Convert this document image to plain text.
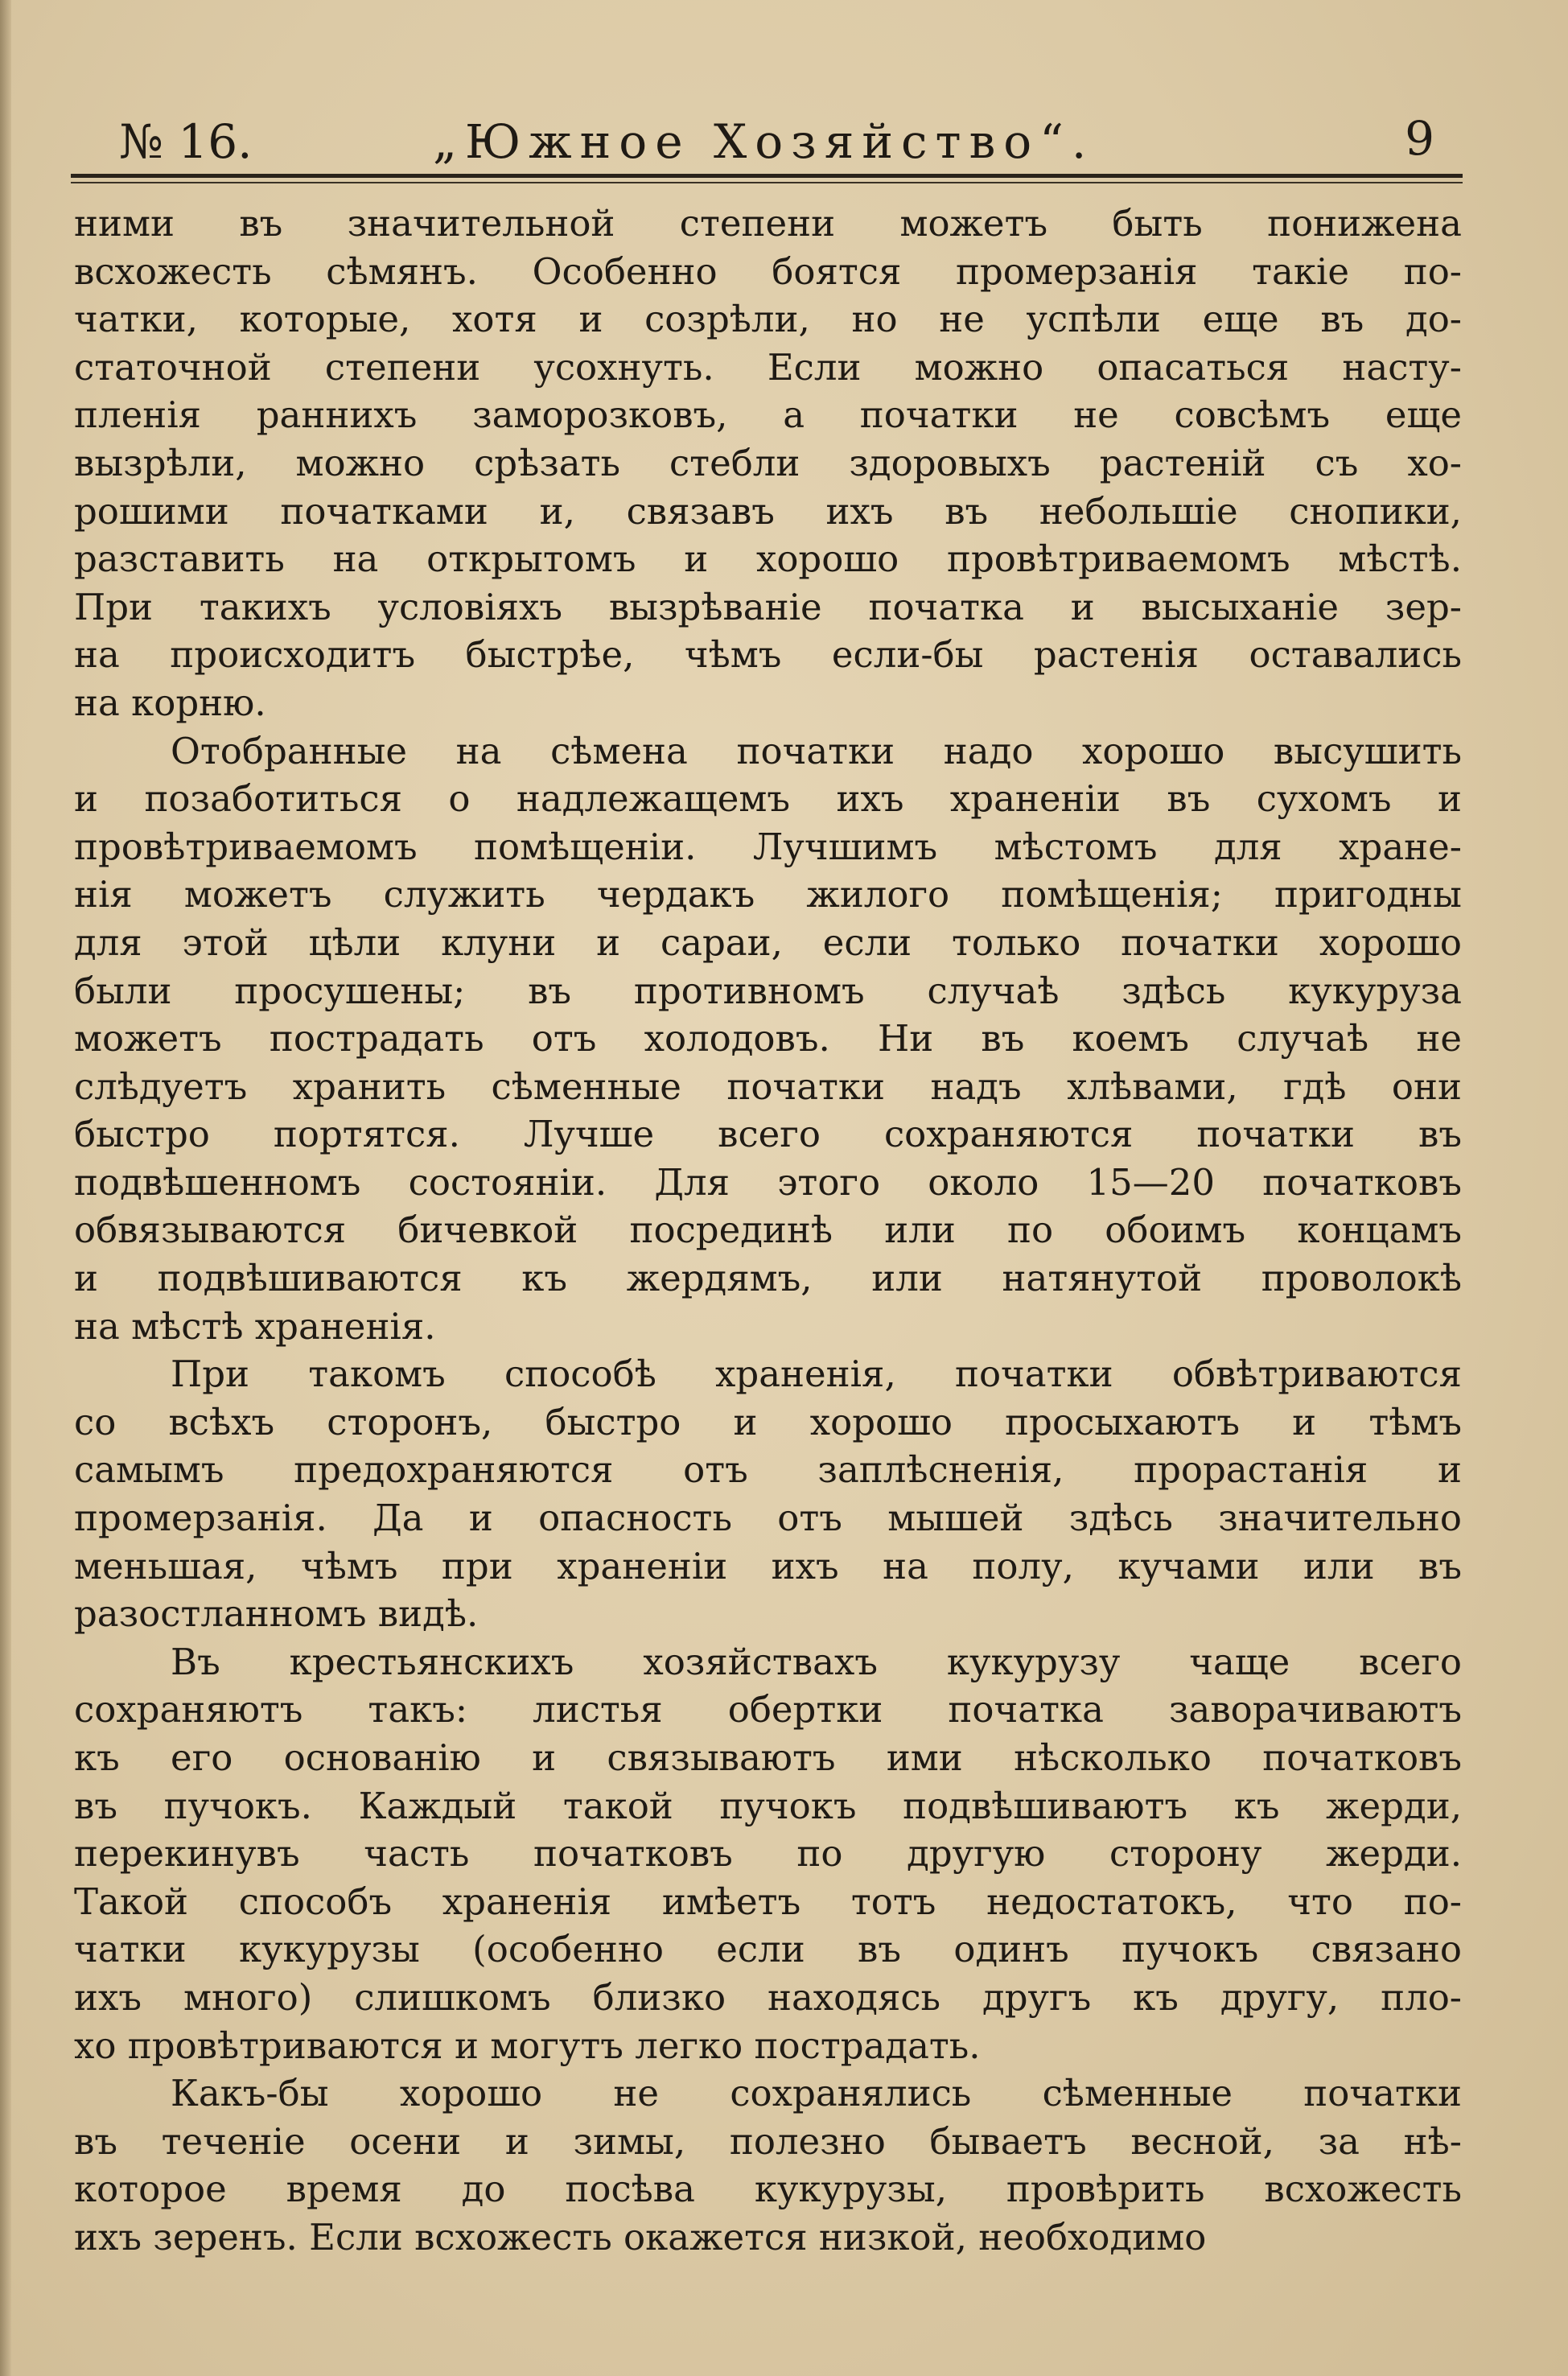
№ 16.	„Южное Хозяйство“.	9
ними въ значительной степени можетъ быть понижена
всхожесть сѣмянъ. Особенно боятся промерзанія такіе по-
чатки, которые, хотя и созрѣли, но не успѣли еще въ до-
статочной степени усохнуть. Если можно опасаться насту-
пленія раннихъ заморозковъ, а початки не совсѣмъ еще
вызрѣли, можно срѣзать стебли здоровыхъ растеній съ хо-
рошими початками и, связавъ ихъ въ небольшіе снопики,
разставить на открытомъ и хорошо провѣтриваемомъ мѣстѣ.
При такихъ условіяхъ вызрѣваніе початка и высыханіе зер-
на происходитъ быстрѣе, чѣмъ если-бы растенія оставались
на корню.
Отобранные на сѣмена початки надо хорошо высушить
и позаботиться о надлежащемъ ихъ храненіи въ сухомъ и
провѣтриваемомъ помѣщеніи. Лучшимъ мѣстомъ для хране-
нія можетъ служить чердакъ жилого помѣщенія; пригодны
для этой цѣли клуни и сараи, если только початки хорошо
были просушены; въ противномъ случаѣ здѣсь кукуруза
можетъ пострадать отъ холодовъ. Ни въ коемъ случаѣ не
слѣдуетъ хранить сѣменные початки надъ хлѣвами, гдѣ они
быстро портятся. Лучше всего сохраняются початки въ
подвѣшенномъ состояніи. Для этого около 15—20 початковъ
обвязываются бичевкой посрединѣ или по обоимъ концамъ
и подвѣшиваются къ жердямъ, или натянутой проволокѣ
на мѣстѣ храненія.
При такомъ способѣ храненія, початки обвѣтриваются
со всѣхъ сторонъ, быстро и хорошо просыхаютъ и тѣмъ
самымъ предохраняются отъ заплѣсненія, прорастанія и
промерзанія. Да и опасность отъ мышей здѣсь значительно
меньшая, чѣмъ при храненіи ихъ на полу, кучами или въ
разостланномъ видѣ.
Въ крестьянскихъ хозяйствахъ кукурузу чаще всего
сохраняютъ такъ: листья обертки початка заворачиваютъ
къ его основанію и связываютъ ими нѣсколько початковъ
въ пучокъ. Каждый такой пучокъ подвѣшиваютъ къ жерди,
перекинувъ часть початковъ по другую сторону жерди.
Такой способъ храненія имѣетъ тотъ недостатокъ, что по-
чатки кукурузы (особенно если въ одинъ пучокъ связано
ихъ много) слишкомъ близко находясь другъ къ другу, пло-
хо провѣтриваются и могутъ легко пострадать.
Какъ-бы хорошо не сохранялись сѣменные початки
въ теченіе осени и зимы, полезно бываетъ весной, за нѣ-
которое время до посѣва кукурузы, провѣрить всхожесть
ихъ зеренъ. Если всхожесть окажется низкой, необходимо
